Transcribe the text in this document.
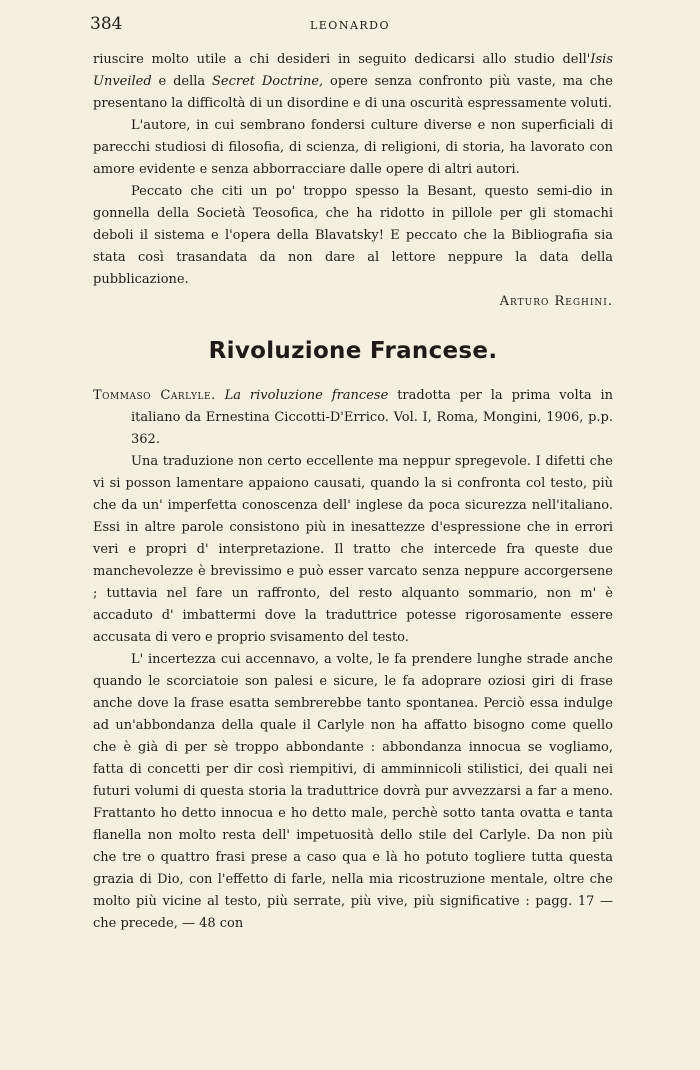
384	LEONARDO

riuscire molto utile a chi desideri in seguito dedicarsi allo studio dell'Isis Unveiled e della Secret Doctrine, opere senza confronto più vaste, ma che presentano la difficoltà di un disordine e di una oscurità espressamente voluti.

L'autore, in cui sembrano fondersi culture diverse e non superficiali di parecchi studiosi di filosofia, di scienza, di religioni, di storia, ha lavorato con amore evidente e senza abborracciare dalle opere di altri autori.

Peccato che citi un po' troppo spesso la Besant, questo semi-dio in gonnella della Società Teosofica, che ha ridotto in pillole per gli stomachi deboli il sistema e l'opera della Blavatsky! E peccato che la Bibliografia sia stata così trasandata da non dare al lettore neppure la data della pubblicazione.

Arturo Reghini.

Rivoluzione Francese.

Tommaso Carlyle. La rivoluzione francese tradotta per la prima volta in italiano da Ernestina Ciccotti-D'Errico. Vol. I, Roma, Mongini, 1906, p.p. 362.

Una traduzione non certo eccellente ma neppur spregevole. I difetti che vi si posson lamentare appaiono causati, quando la si confronta col testo, più che da un' imperfetta conoscenza dell' inglese da poca sicurezza nell'italiano. Essi in altre parole consistono più in inesattezze d'espressione che in errori veri e propri d' interpretazione. Il tratto che intercede fra queste due manchevolezze è brevissimo e può esser varcato senza neppure accorgersene ; tuttavia nel fare un raffronto, del resto alquanto sommario, non m' è accaduto d' imbattermi dove la traduttrice potesse rigorosamente essere accusata di vero e proprio svisamento del testo.

L' incertezza cui accennavo, a volte, le fa prendere lunghe strade anche quando le scorciatoie son palesi e sicure, le fa adoprare oziosi giri di frase anche dove la frase esatta sembrerebbe tanto spontanea. Perciò essa indulge ad un'abbondanza della quale il Carlyle non ha affatto bisogno come quello che è già di per sè troppo abbondante : abbondanza innocua se vogliamo, fatta di concetti per dir così riempitivi, di amminnicoli stilistici, dei quali nei futuri volumi di questa storia la traduttrice dovrà pur avvezzarsi a far a meno. Frattanto ho detto innocua e ho detto male, perchè sotto tanta ovatta e tanta flanella non molto resta dell' impetuosità dello stile del Carlyle. Da non più che tre o quattro frasi prese a caso qua e là ho potuto togliere tutta questa grazia di Dio, con l'effetto di farle, nella mia ricostruzione mentale, oltre che molto più vicine al testo, più serrate, più vive, più significative : pagg. 17 — che precede, — 48 con
